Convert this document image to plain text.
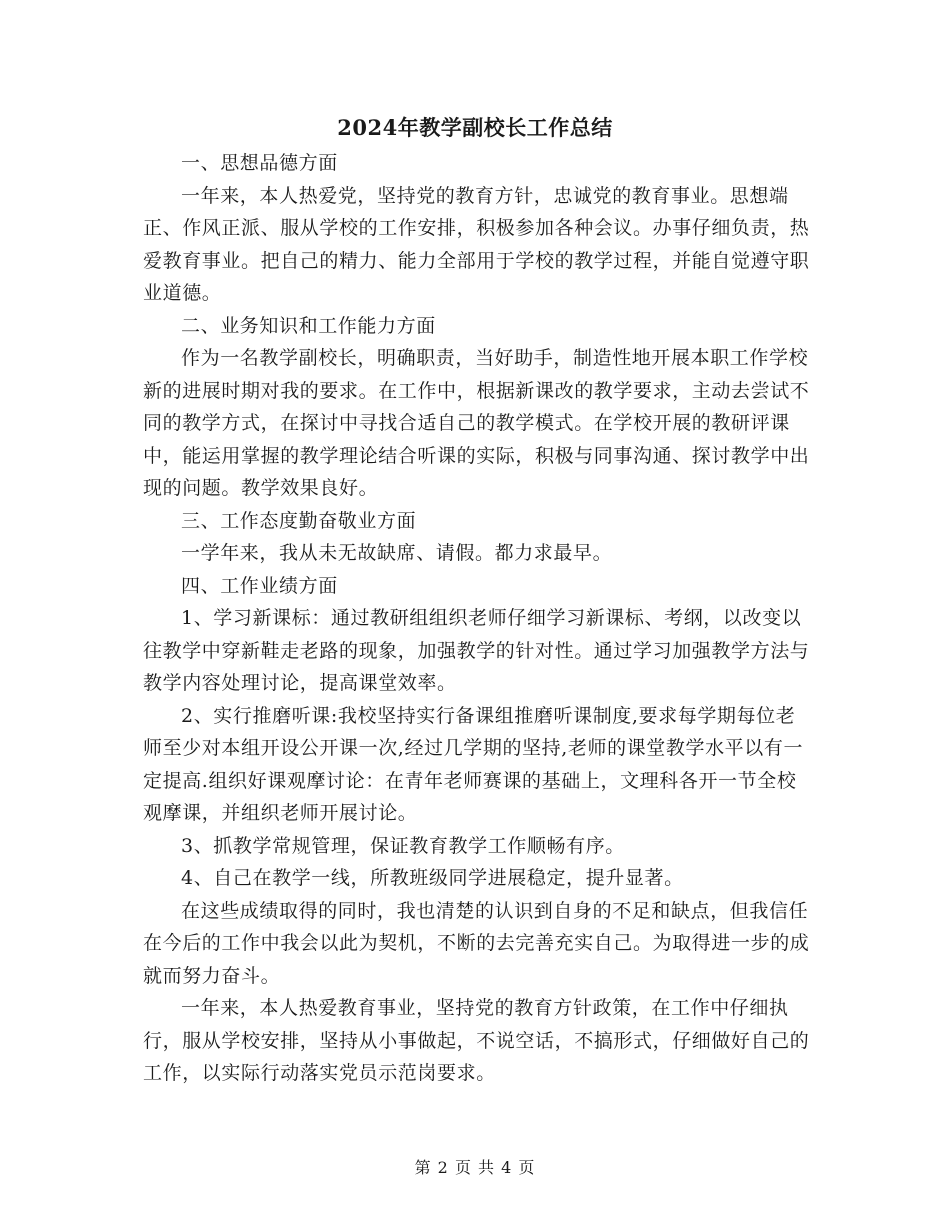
2024年教学副校长工作总结

一、思想品德方面

一年来，本人热爱党，坚持党的教育方针，忠诚党的教育事业。思想端正、作风正派、服从学校的工作安排，积极参加各种会议。办事仔细负责，热爱教育事业。把自己的精力、能力全部用于学校的教学过程，并能自觉遵守职业道德。

二、业务知识和工作能力方面

作为一名教学副校长，明确职责，当好助手，制造性地开展本职工作学校新的进展时期对我的要求。在工作中，根据新课改的教学要求，主动去尝试不同的教学方式，在探讨中寻找合适自己的教学模式。在学校开展的教研评课中，能运用掌握的教学理论结合听课的实际，积极与同事沟通、探讨教学中出现的问题。教学效果良好。

三、工作态度勤奋敬业方面

一学年来，我从未无故缺席、请假。都力求最早。

四、工作业绩方面

1、学习新课标：通过教研组组织老师仔细学习新课标、考纲，以改变以往教学中穿新鞋走老路的现象，加强教学的针对性。通过学习加强教学方法与教学内容处理讨论，提高课堂效率。

2、实行推磨听课:我校坚持实行备课组推磨听课制度,要求每学期每位老师至少对本组开设公开课一次,经过几学期的坚持,老师的课堂教学水平以有一定提高.组织好课观摩讨论：在青年老师赛课的基础上，文理科各开一节全校观摩课，并组织老师开展讨论。

3、抓教学常规管理，保证教育教学工作顺畅有序。

4、自己在教学一线，所教班级同学进展稳定，提升显著。

在这些成绩取得的同时，我也清楚的认识到自身的不足和缺点，但我信任在今后的工作中我会以此为契机，不断的去完善充实自己。为取得进一步的成就而努力奋斗。

一年来，本人热爱教育事业，坚持党的教育方针政策，在工作中仔细执行，服从学校安排，坚持从小事做起，不说空话，不搞形式，仔细做好自己的工作，以实际行动落实党员示范岗要求。

第 2 页 共 4 页
